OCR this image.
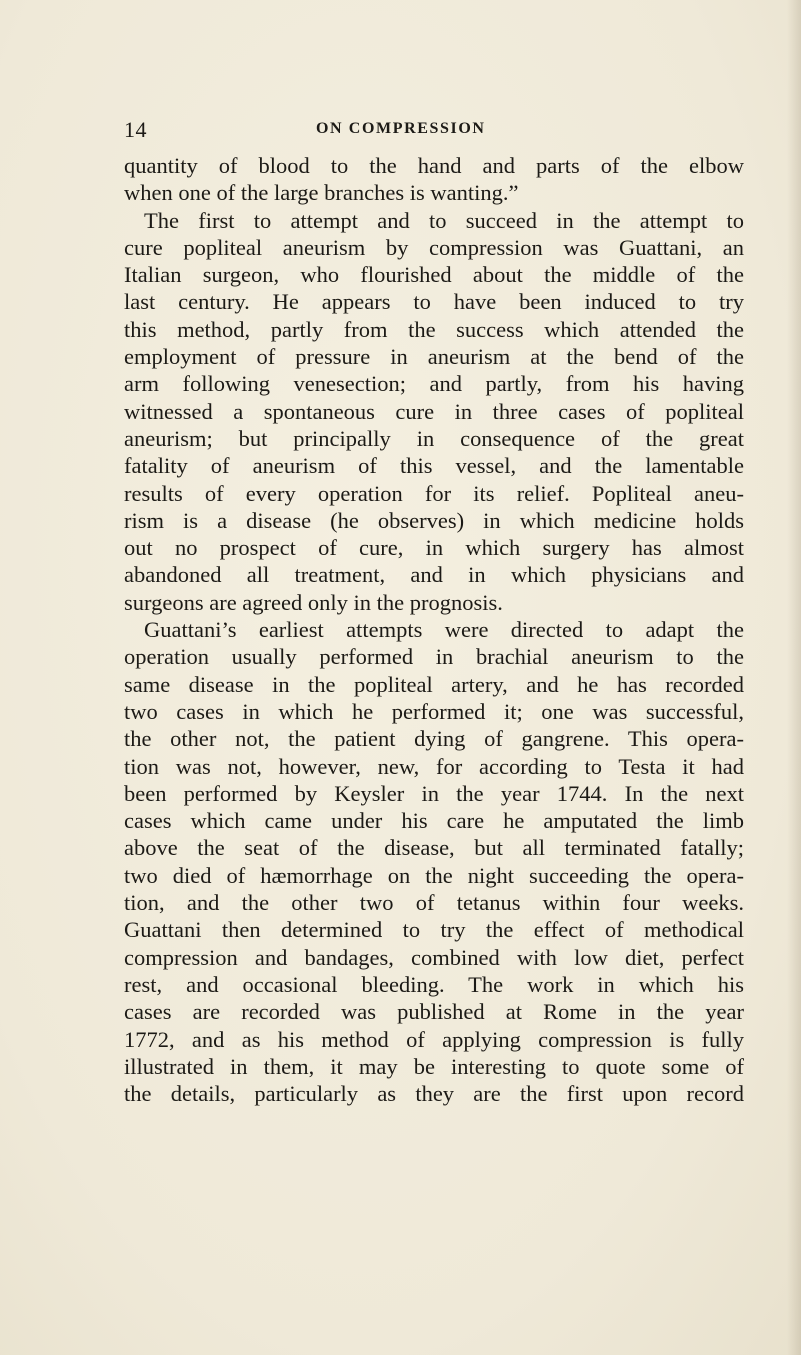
14	ON COMPRESSION
quantity of blood to the hand and parts of the elbow
when one of the large branches is wanting.”
The first to attempt and to succeed in the attempt to
cure popliteal aneurism by compression was Guattani, an
Italian surgeon, who flourished about the middle of the
last century. He appears to have been induced to try
this method, partly from the success which attended the
employment of pressure in aneurism at the bend of the
arm following venesection; and partly, from his having
witnessed a spontaneous cure in three cases of popliteal
aneurism; but principally in consequence of the great
fatality of aneurism of this vessel, and the lamentable
results of every operation for its relief. Popliteal aneu-
rism is a disease (he observes) in which medicine holds
out no prospect of cure, in which surgery has almost
abandoned all treatment, and in which physicians and
surgeons are agreed only in the prognosis.
Guattani’s earliest attempts were directed to adapt the
operation usually performed in brachial aneurism to the
same disease in the popliteal artery, and he has recorded
two cases in which he performed it; one was successful,
the other not, the patient dying of gangrene. This opera-
tion was not, however, new, for according to Testa it had
been performed by Keysler in the year 1744. In the next
cases which came under his care he amputated the limb
above the seat of the disease, but all terminated fatally;
two died of hæmorrhage on the night succeeding the opera-
tion, and the other two of tetanus within four weeks.
Guattani then determined to try the effect of methodical
compression and bandages, combined with low diet, perfect
rest, and occasional bleeding. The work in which his
cases are recorded was published at Rome in the year
1772, and as his method of applying compression is fully
illustrated in them, it may be interesting to quote some of
the details, particularly as they are the first upon record
